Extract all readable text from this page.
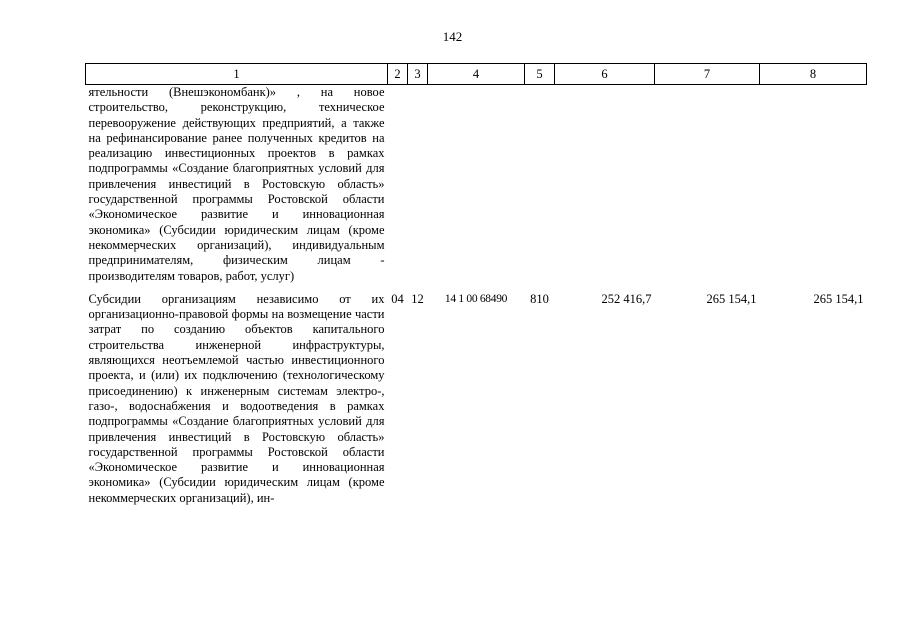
142
1	2	3	4	5	6	7	8
ятельности (Внешэкономбанк)» , на новое строительство, реконструкцию, техническое перевооружение действующих предприятий, а также на рефинансирование ранее полученных кредитов на реализацию инвестиционных проектов в рамках подпрограммы «Создание благоприятных условий для привлечения инвестиций в Ростовскую область» государственной программы Ростовской области «Экономическое развитие и инновационная экономика» (Субсидии юридическим лицам (кроме некоммерческих организаций), индивидуальным предпринимателям, физическим лицам - производителям товаров, работ, услуг)							
Субсидии организациям независимо от их организационно-правовой формы на возмещение части затрат по созданию объектов капитального строительства инженерной инфраструктуры, являющихся неотъемлемой частью инвестиционного проекта, и (или) их подключению (технологическому присоединению) к инженерным системам электро-, газо-, водоснабжения и водоотведения в рамках подпрограммы «Создание благоприятных условий для привлечения инвестиций в Ростовскую область» государственной программы Ростовской области «Экономическое развитие и инновационная экономика» (Субсидии юридическим лицам (кроме некоммерческих организаций), ин-	04	12	14 1 00 68490	810	252 416,7	265 154,1	265 154,1
